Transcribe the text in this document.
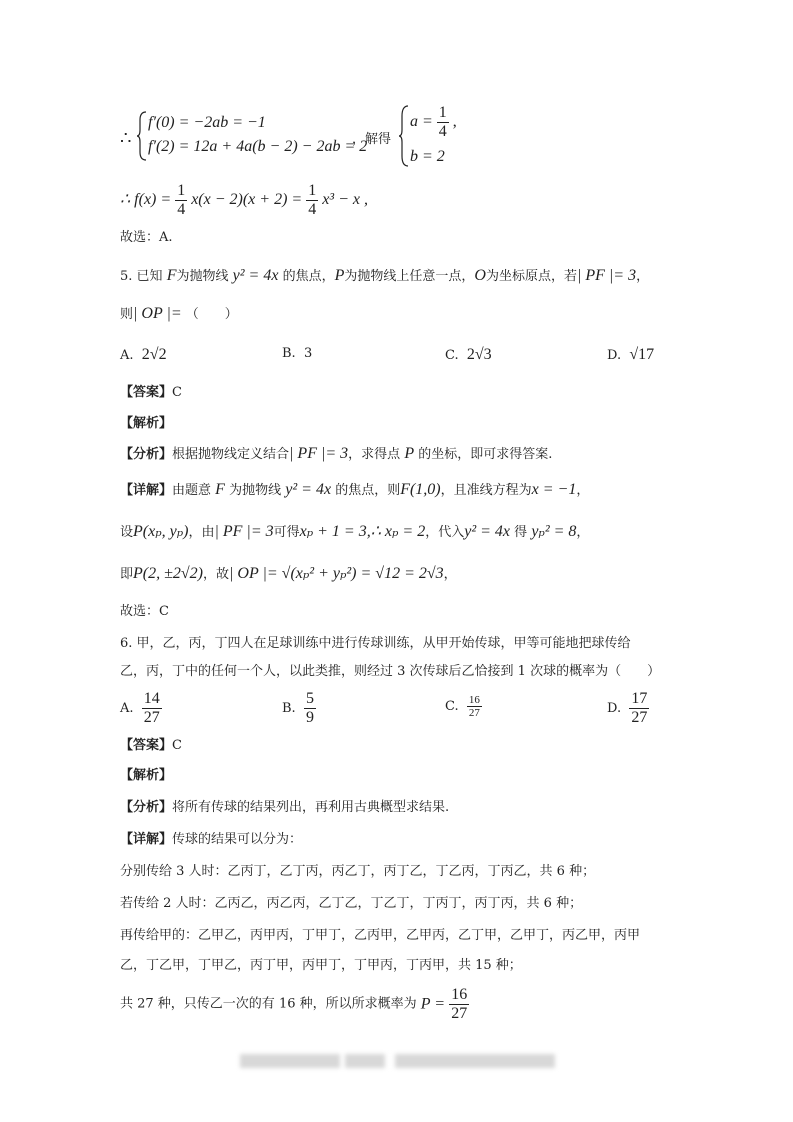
∴
f′(0) = −2ab = −1
f′(2) = 12a + 4a(b − 2) − 2ab = 2
，解得
$a = \frac{1}{4}$ ,
b = 2
∴ $f(x) = \frac{1}{4} x(x - 2)(x + 2) = \frac{1}{4} x^3 - x$ ,
故选：A.
5. 已知 F为抛物线 y² = 4x 的焦点，P为抛物线上任意一点，O为坐标原点，若| PF |= 3，
则| OP |= （　　）
A. 2√2	B. 3	C. 2√3	D. √17
【答案】C
【解析】
【分析】根据抛物线定义结合| PF |= 3，求得点 P 的坐标，即可求得答案.
【详解】由题意 F 为抛物线 y² = 4x 的焦点，则F(1,0)，且准线方程为x = −1，
设P(xₚ, yₚ)，由| PF |= 3可得xₚ + 1 = 3,∴ xₚ = 2，代入y² = 4x 得 yₚ² = 8，
即P(2, ±2√2)，故| OP |= √(xₚ² + yₚ²) = √12 = 2√3，
故选：C
6. 甲，乙，丙，丁四人在足球训练中进行传球训练，从甲开始传球，甲等可能地把球传给
乙，丙，丁中的任何一个人，以此类推，则经过 3 次传球后乙恰接到 1 次球的概率为（　　）
A. $\frac{14}{27}$	B. $\frac{5}{9}$	C. $\frac{16}{27}$	D. $\frac{17}{27}$
【答案】C
【解析】
【分析】将所有传球的结果列出，再利用古典概型求结果.
【详解】传球的结果可以分为：
分别传给 3 人时：乙丙丁，乙丁丙，丙乙丁，丙丁乙，丁乙丙，丁丙乙，共 6 种；
若传给 2 人时：乙丙乙，丙乙丙，乙丁乙，丁乙丁，丁丙丁，丙丁丙，共 6 种；
再传给甲的：乙甲乙，丙甲丙，丁甲丁，乙丙甲，乙甲丙，乙丁甲，乙甲丁，丙乙甲，丙甲
乙，丁乙甲，丁甲乙，丙丁甲，丙甲丁，丁甲丙，丁丙甲，共 15 种；
共 27 种，只传乙一次的有 16 种，所以所求概率为 $P = \frac{16}{27}$
